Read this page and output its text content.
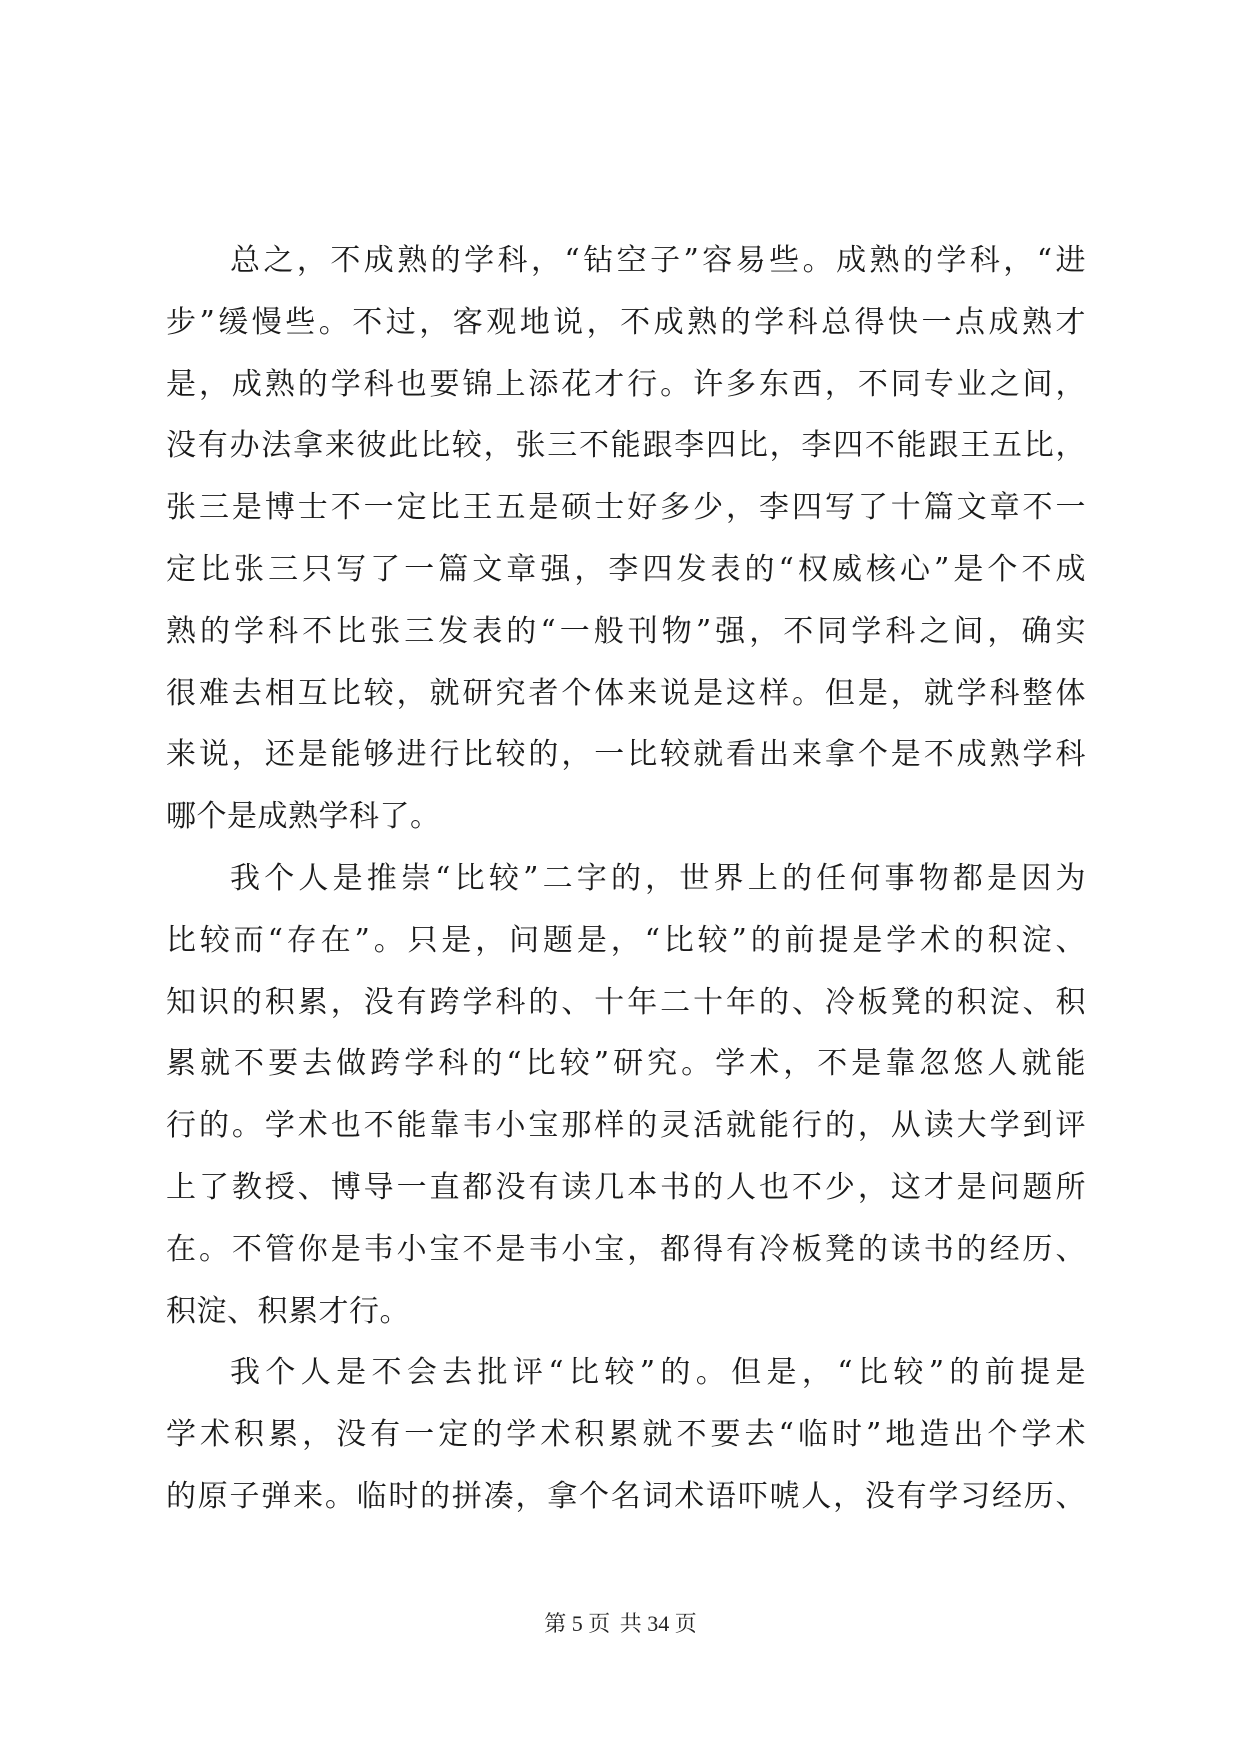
总之，不成熟的学科，“钻空子”容易些。成熟的学科，“进
步”缓慢些。不过，客观地说，不成熟的学科总得快一点成熟才
是，成熟的学科也要锦上添花才行。许多东西，不同专业之间，
没有办法拿来彼此比较，张三不能跟李四比，李四不能跟王五比，
张三是博士不一定比王五是硕士好多少，李四写了十篇文章不一
定比张三只写了一篇文章强，李四发表的“权威核心”是个不成
熟的学科不比张三发表的“一般刊物”强，不同学科之间，确实
很难去相互比较，就研究者个体来说是这样。但是，就学科整体
来说，还是能够进行比较的，一比较就看出来拿个是不成熟学科
哪个是成熟学科了。
我个人是推崇“比较”二字的，世界上的任何事物都是因为
比较而“存在”。只是，问题是，“比较”的前提是学术的积淀、
知识的积累，没有跨学科的、十年二十年的、冷板凳的积淀、积
累就不要去做跨学科的“比较”研究。学术，不是靠忽悠人就能
行的。学术也不能靠韦小宝那样的灵活就能行的，从读大学到评
上了教授、博导一直都没有读几本书的人也不少，这才是问题所
在。不管你是韦小宝不是韦小宝，都得有冷板凳的读书的经历、
积淀、积累才行。
我个人是不会去批评“比较”的。但是，“比较”的前提是
学术积累，没有一定的学术积累就不要去“临时”地造出个学术
的原子弹来。临时的拼凑，拿个名词术语吓唬人，没有学习经历、
第 5 页 共 34 页
